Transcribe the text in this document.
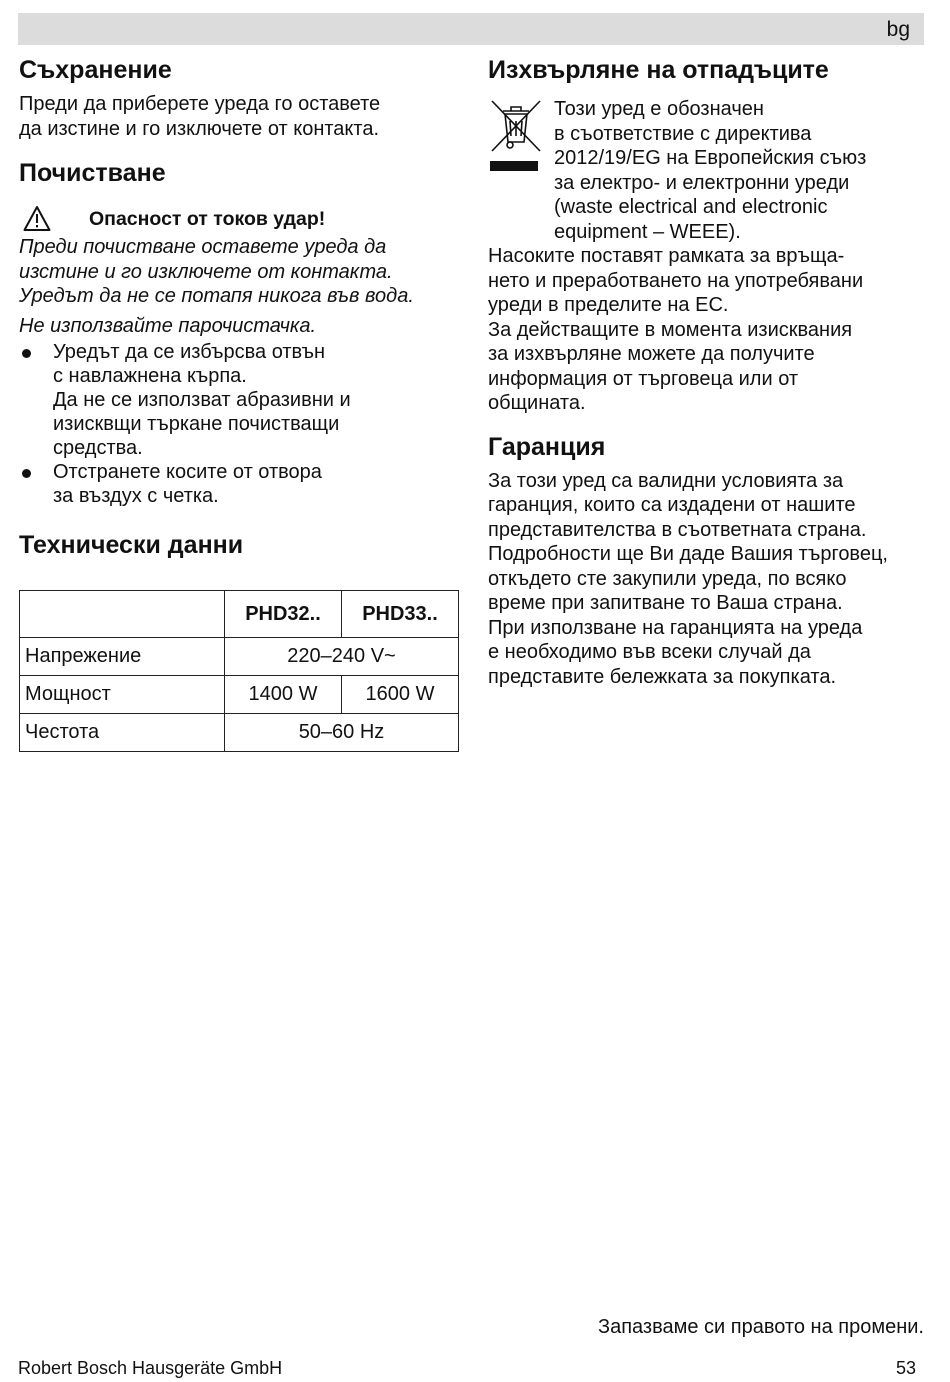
bg
Съхранение

Преди да приберете уреда го оставете

да изстине и го изключете от контакта.

Почистване
Опасност от токов удар!

Преди почистване оставете уреда да

изстине и го изключете от контакта.

Уредът да не се потапя никога във вода.

Не използвайте парочистачка.

Уредът да се избърсва отвън
с навлажнена кърпа.
Да не се използват абразивни и
изисквщи търкане почистващи
средства.
Отстранете косите от отвора
за въздух с четка.
Технически данни
	PHD32..	PHD33..
Напрежение	220–240 V~	
Мощност	1400 W	1600 W
Честота	50–60 Hz	
Изхвърляне на отпадъците

Този уред е обозначен

в съответствие с директива

2012/19/EG на Европейския съюз

за електро- и електронни уреди

(waste electrical and electronic

equipment – WEEE).

Насоките поставят рамката за връща-

нето и преработването на употребявани

уреди в пределите на ЕС.

За действащите в момента изисквания

за изхвърляне можете да получите

информация от търговеца или от

общината.

Гаранция

За този уред са валидни условията за

гаранция, които са издадени от нашите

представителства в съответната страна.

Подробности ще Ви даде Вашия търговец,

откъдето сте закупили уреда, по всяко

време при запитване то Ваша страна.

При използване на гаранцията на уреда

е необходимо във всеки случай да

представите бележката за покупката.

Запазваме си правото на промени.
Robert Bosch Hausgeräte GmbH	53
